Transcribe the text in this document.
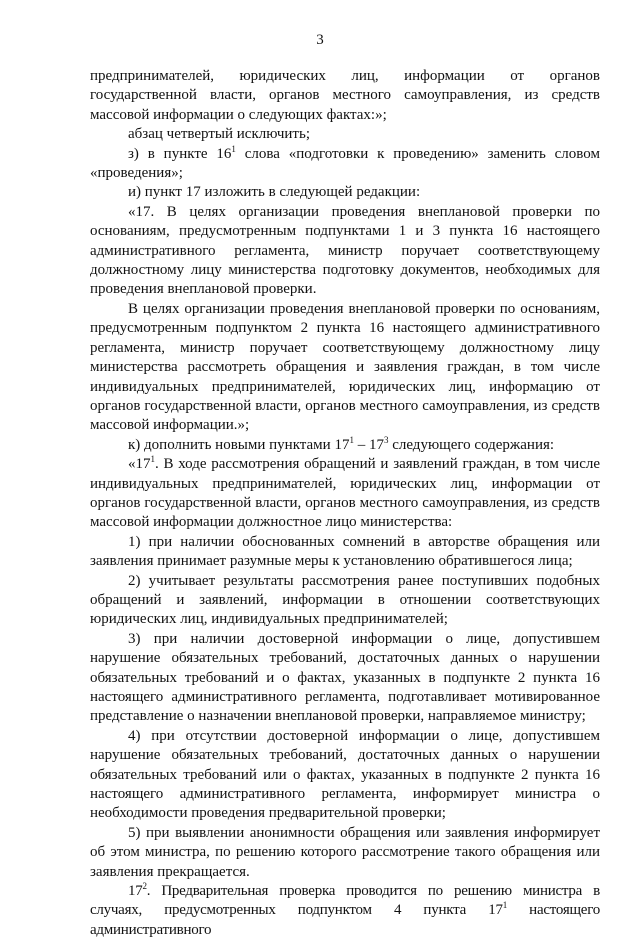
3

предпринимателей, юридических лиц, информации от органов государственной власти, органов местного самоуправления, из средств массовой информации о следующих фактах:»;

абзац четвертый исключить;

з) в пункте $16^1$ слова «подготовки к проведению» заменить словом «проведения»;

и) пункт 17 изложить в следующей редакции:

«17. В целях организации проведения внеплановой проверки по основаниям, предусмотренным подпунктами 1 и 3 пункта 16 настоящего административного регламента, министр поручает соответствующему должностному лицу министерства подготовку документов, необходимых для проведения внеплановой проверки.

В целях организации проведения внеплановой проверки по основаниям, предусмотренным подпунктом 2 пункта 16 настоящего административного регламента, министр поручает соответствующему должностному лицу министерства рассмотреть обращения и заявления граждан, в том числе индивидуальных предпринимателей, юридических лиц, информацию от органов государственной власти, органов местного самоуправления, из средств массовой информации.»;

к) дополнить новыми пунктами $17^1 - 17^3$ следующего содержания:

«$17^1$. В ходе рассмотрения обращений и заявлений граждан, в том числе индивидуальных предпринимателей, юридических лиц, информации от органов государственной власти, органов местного самоуправления, из средств массовой информации должностное лицо министерства:

1) при наличии обоснованных сомнений в авторстве обращения или заявления принимает разумные меры к установлению обратившегося лица;

2) учитывает результаты рассмотрения ранее поступивших подобных обращений и заявлений, информации в отношении соответствующих юридических лиц, индивидуальных предпринимателей;

3) при наличии достоверной информации о лице, допустившем нарушение обязательных требований, достаточных данных о нарушении обязательных требований и о фактах, указанных в подпункте 2 пункта 16 настоящего административного регламента, подготавливает мотивированное представление о назначении внеплановой проверки, направляемое министру;

4) при отсутствии достоверной информации о лице, допустившем нарушение обязательных требований, достаточных данных о нарушении обязательных требований или о фактах, указанных в подпункте 2 пункта 16 настоящего административного регламента, информирует министра о необходимости проведения предварительной проверки;

5) при выявлении анонимности обращения или заявления информирует об этом министра, по решению которого рассмотрение такого обращения или заявления прекращается.

$17^2$. Предварительная проверка проводится по решению министра в случаях, предусмотренных подпунктом 4 пункта $17^1$ настоящего административного
